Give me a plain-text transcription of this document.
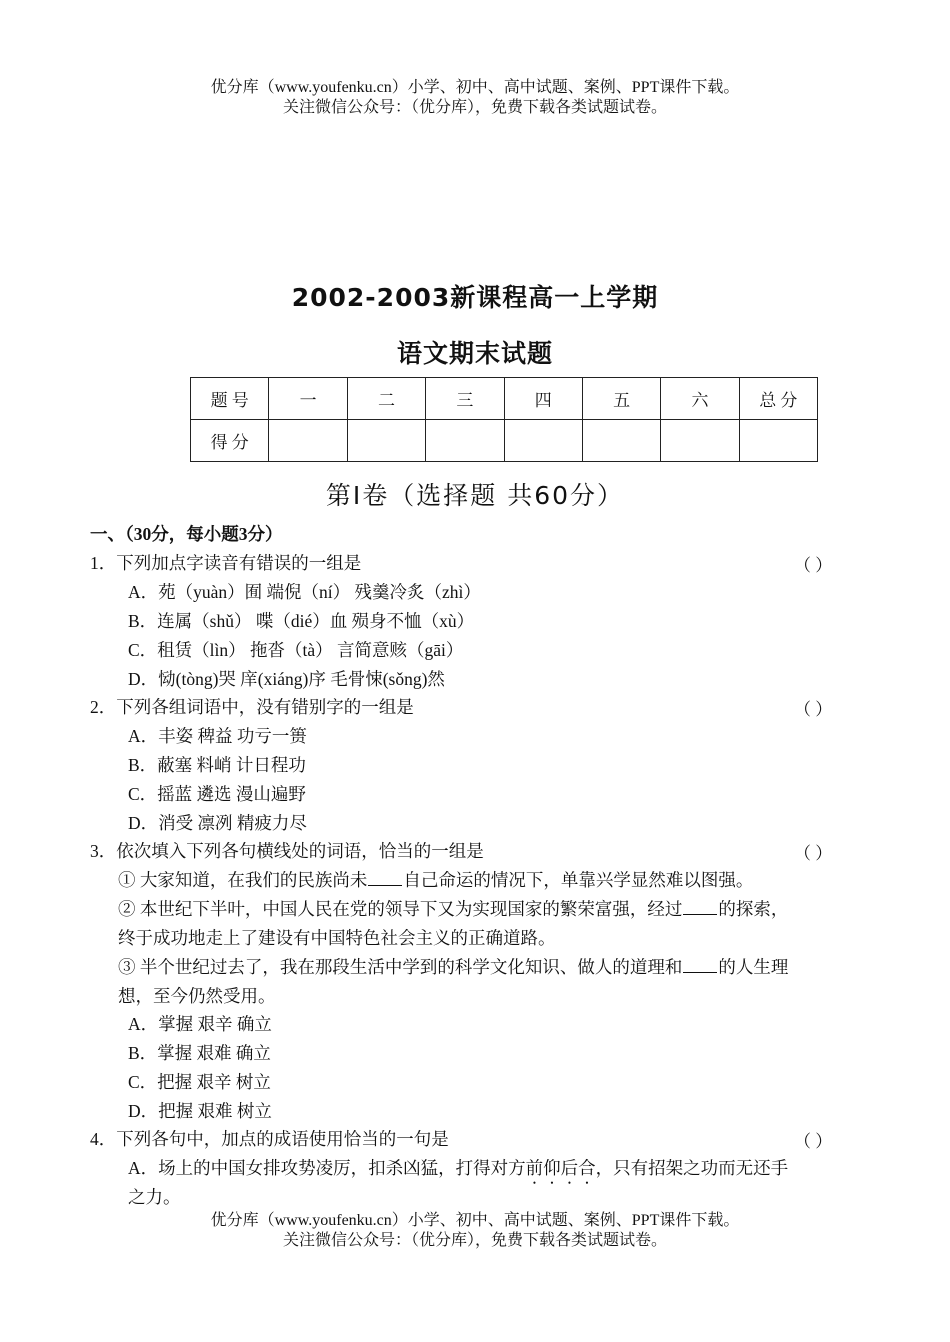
优分库（www.youfenku.cn）小学、初中、高中试题、案例、PPT课件下载。
关注微信公众号：（优分库），免费下载各类试题试卷。
2002-2003新课程高一上学期
语文期末试题
题 号	一	二	三	四	五	六	总 分
得 分							
第Ⅰ卷（选择题 共60分）
一、（30分，每小题3分）
1．下列加点字读音有错误的一组是	（ ）
A．苑（yuàn）囿 端倪（ní） 残羹冷炙（zhì）
B．连属（shǔ） 喋（dié）血 殒身不恤（xù）
C．租赁（lìn） 拖沓（tà） 言简意赅（gāi）
D．恸(tòng)哭 庠(xiáng)序 毛骨悚(sǒng)然
2．下列各组词语中，没有错别字的一组是	（ ）
A．丰姿 稗益 功亏一篑
B．蔽塞 料峭 计日程功
C．摇蓝 遴选 漫山遍野
D．消受 凛冽 精疲力尽
3．依次填入下列各句横线处的词语，恰当的一组是	（ ）
① 大家知道，在我们的民族尚未 自己命运的情况下，单靠兴学显然难以图强。
② 本世纪下半叶，中国人民在党的领导下又为实现国家的繁荣富强，经过 的探索，
终于成功地走上了建设有中国特色社会主义的正确道路。
③ 半个世纪过去了，我在那段生活中学到的科学文化知识、做人的道理和 的人生理
想，至今仍然受用。
A．掌握 艰辛 确立
B．掌握 艰难 确立
C．把握 艰辛 树立
D．把握 艰难 树立
4．下列各句中，加点的成语使用恰当的一句是	（ ）
A．场上的中国女排攻势凌厉，扣杀凶猛，打得对方前仰后合，只有招架之功而无还手
之力。
优分库（www.youfenku.cn）小学、初中、高中试题、案例、PPT课件下载。
关注微信公众号：（优分库），免费下载各类试题试卷。
